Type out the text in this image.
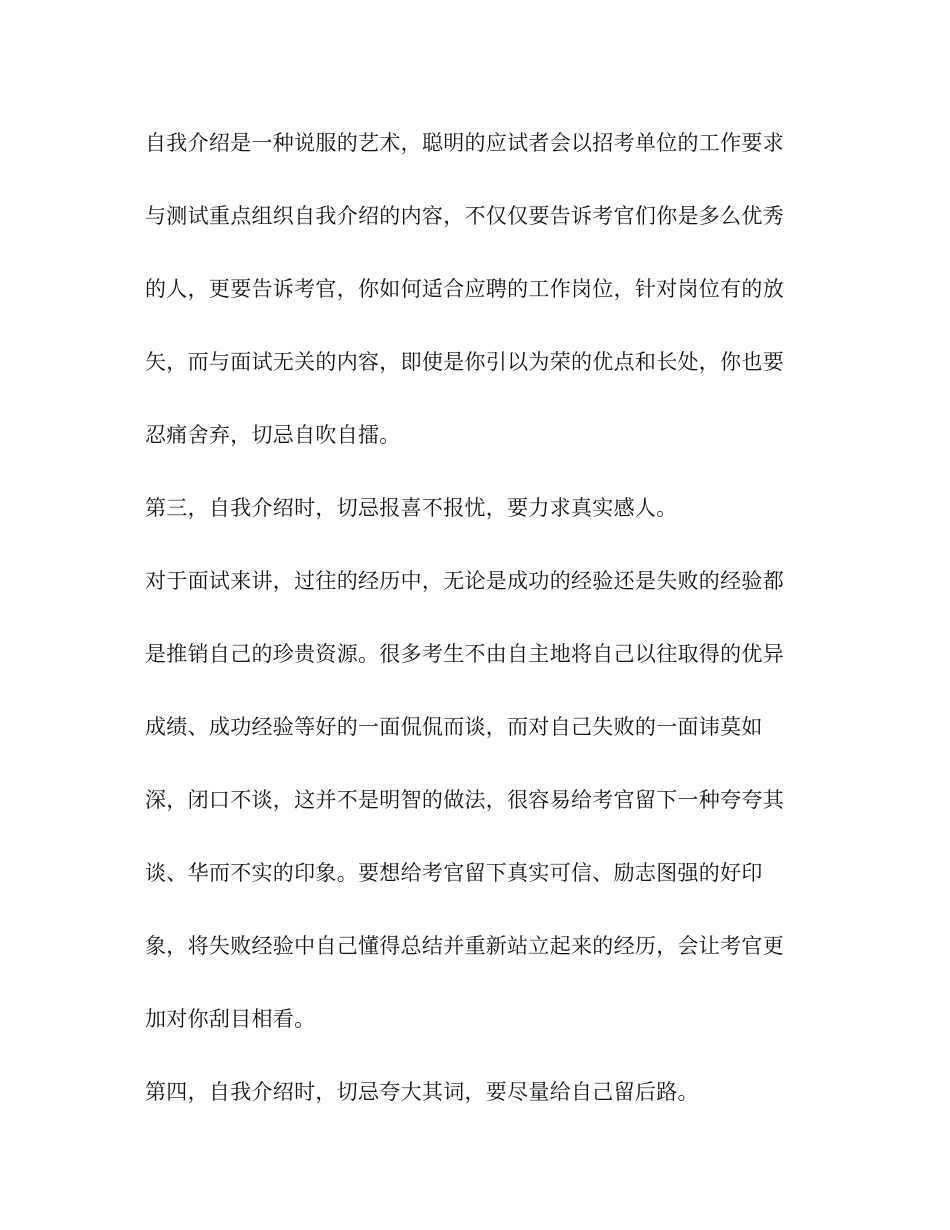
自我介绍是一种说服的艺术，聪明的应试者会以招考单位的工作要求
与测试重点组织自我介绍的内容，不仅仅要告诉考官们你是多么优秀
的人，更要告诉考官，你如何适合应聘的工作岗位，针对岗位有的放
矢，而与面试无关的内容，即使是你引以为荣的优点和长处，你也要
忍痛舍弃，切忌自吹自擂。
第三，自我介绍时，切忌报喜不报忧，要力求真实感人。
对于面试来讲，过往的经历中，无论是成功的经验还是失败的经验都
是推销自己的珍贵资源。很多考生不由自主地将自己以往取得的优异
成绩、成功经验等好的一面侃侃而谈，而对自己失败的一面讳莫如
深，闭口不谈，这并不是明智的做法，很容易给考官留下一种夸夸其
谈、华而不实的印象。要想给考官留下真实可信、励志图强的好印
象，将失败经验中自己懂得总结并重新站立起来的经历，会让考官更
加对你刮目相看。
第四，自我介绍时，切忌夸大其词，要尽量给自己留后路。
